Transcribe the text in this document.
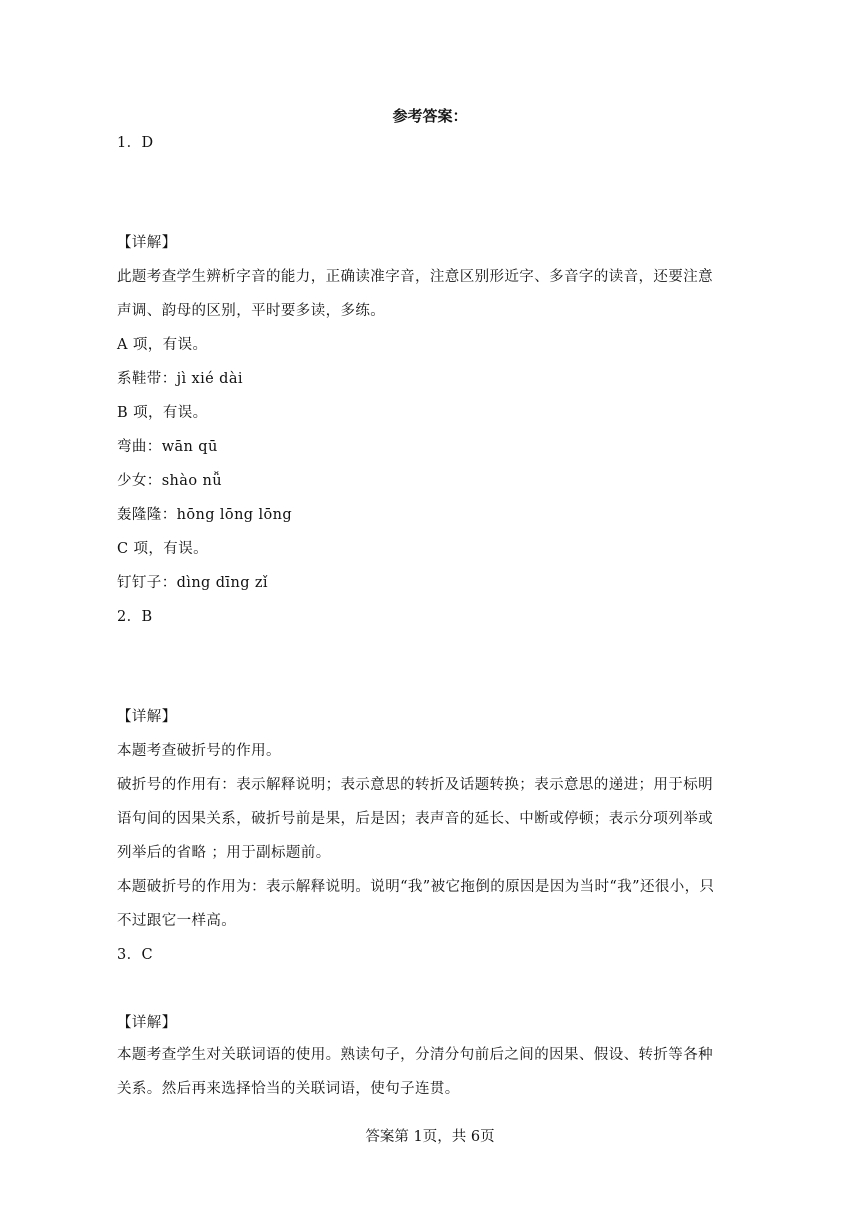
参考答案：
1．D
【详解】
此题考查学生辨析字音的能力，正确读准字音，注意区别形近字、多音字的读音，还要注意
声调、韵母的区别，平时要多读，多练。
A 项，有误。
系鞋带：jì xié dài
B 项，有误。
弯曲：wān qū
少女：shào nǚ
轰隆隆：hōng lōng lōng
C 项，有误。
钉钉子：dìng dīng zǐ
2．B
【详解】
本题考查破折号的作用。
破折号的作用有：表示解释说明；表示意思的转折及话题转换；表示意思的递进；用于标明
语句间的因果关系，破折号前是果，后是因；表声音的延长、中断或停顿；表示分项列举或
列举后的省略 ；用于副标题前。
本题破折号的作用为：表示解释说明。说明“我”被它拖倒的原因是因为当时“我”还很小，只
不过跟它一样高。
3．C
【详解】
本题考查学生对关联词语的使用。熟读句子，分清分句前后之间的因果、假设、转折等各种
关系。然后再来选择恰当的关联词语，使句子连贯。
答案第 1页，共 6页
